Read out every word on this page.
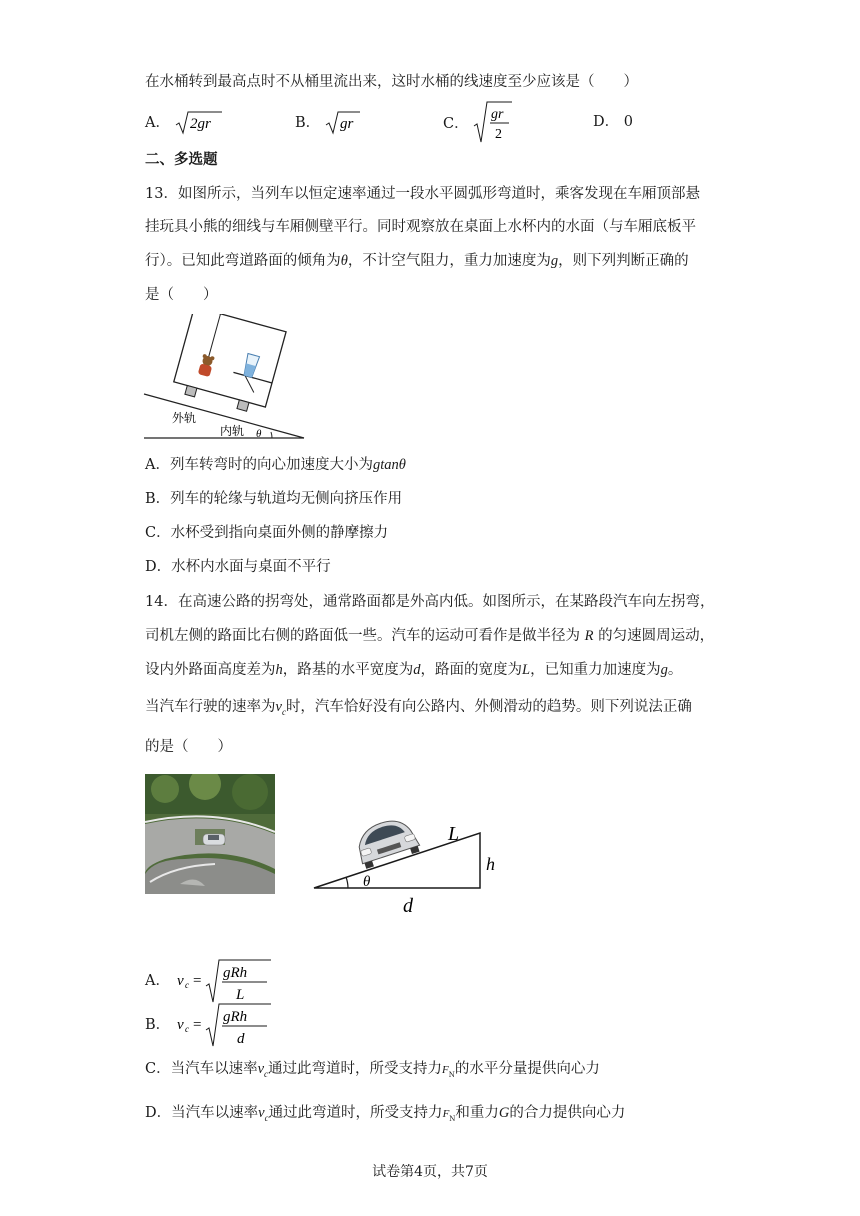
在水桶转到最高点时不从桶里流出来，这时水桶的线速度至少应该是（　　）
A． 2gr	B． gr	C．
gr
2
D． 0
二、多选题
13．如图所示，当列车以恒定速率通过一段水平圆弧形弯道时，乘客发现在车厢顶部悬
挂玩具小熊的细线与车厢侧壁平行。同时观察放在桌面上水杯内的水面（与车厢底板平
行）。已知此弯道路面的倾角为θ，不计空气阻力，重力加速度为g，则下列判断正确的
是（　　）
外轨
内轨 θ
A．列车转弯时的向心加速度大小为gtanθ
B．列车的轮缘与轨道均无侧向挤压作用
C．水杯受到指向桌面外侧的静摩擦力
D．水杯内水面与桌面不平行
14．在高速公路的拐弯处，通常路面都是外高内低。如图所示，在某路段汽车向左拐弯，
司机左侧的路面比右侧的路面低一些。汽车的运动可看作是做半径为 R 的匀速圆周运动，
设内外路面高度差为h，路基的水平宽度为d，路面的宽度为L，已知重力加速度为g。
当汽车行驶的速率为$v_c$时，汽车恰好没有向公路内、外侧滑动的趋势。则下列说法正确
的是（　　）
L
h
d
θ
A． v c = gRh
L
B． v c = gRh
d
C．当汽车以速率$v_c$通过此弯道时，所受支持力$F_N$的水平分量提供向心力
D．当汽车以速率$v_c$通过此弯道时，所受支持力$F_N$和重力G的合力提供向心力
试卷第4页，共7页
